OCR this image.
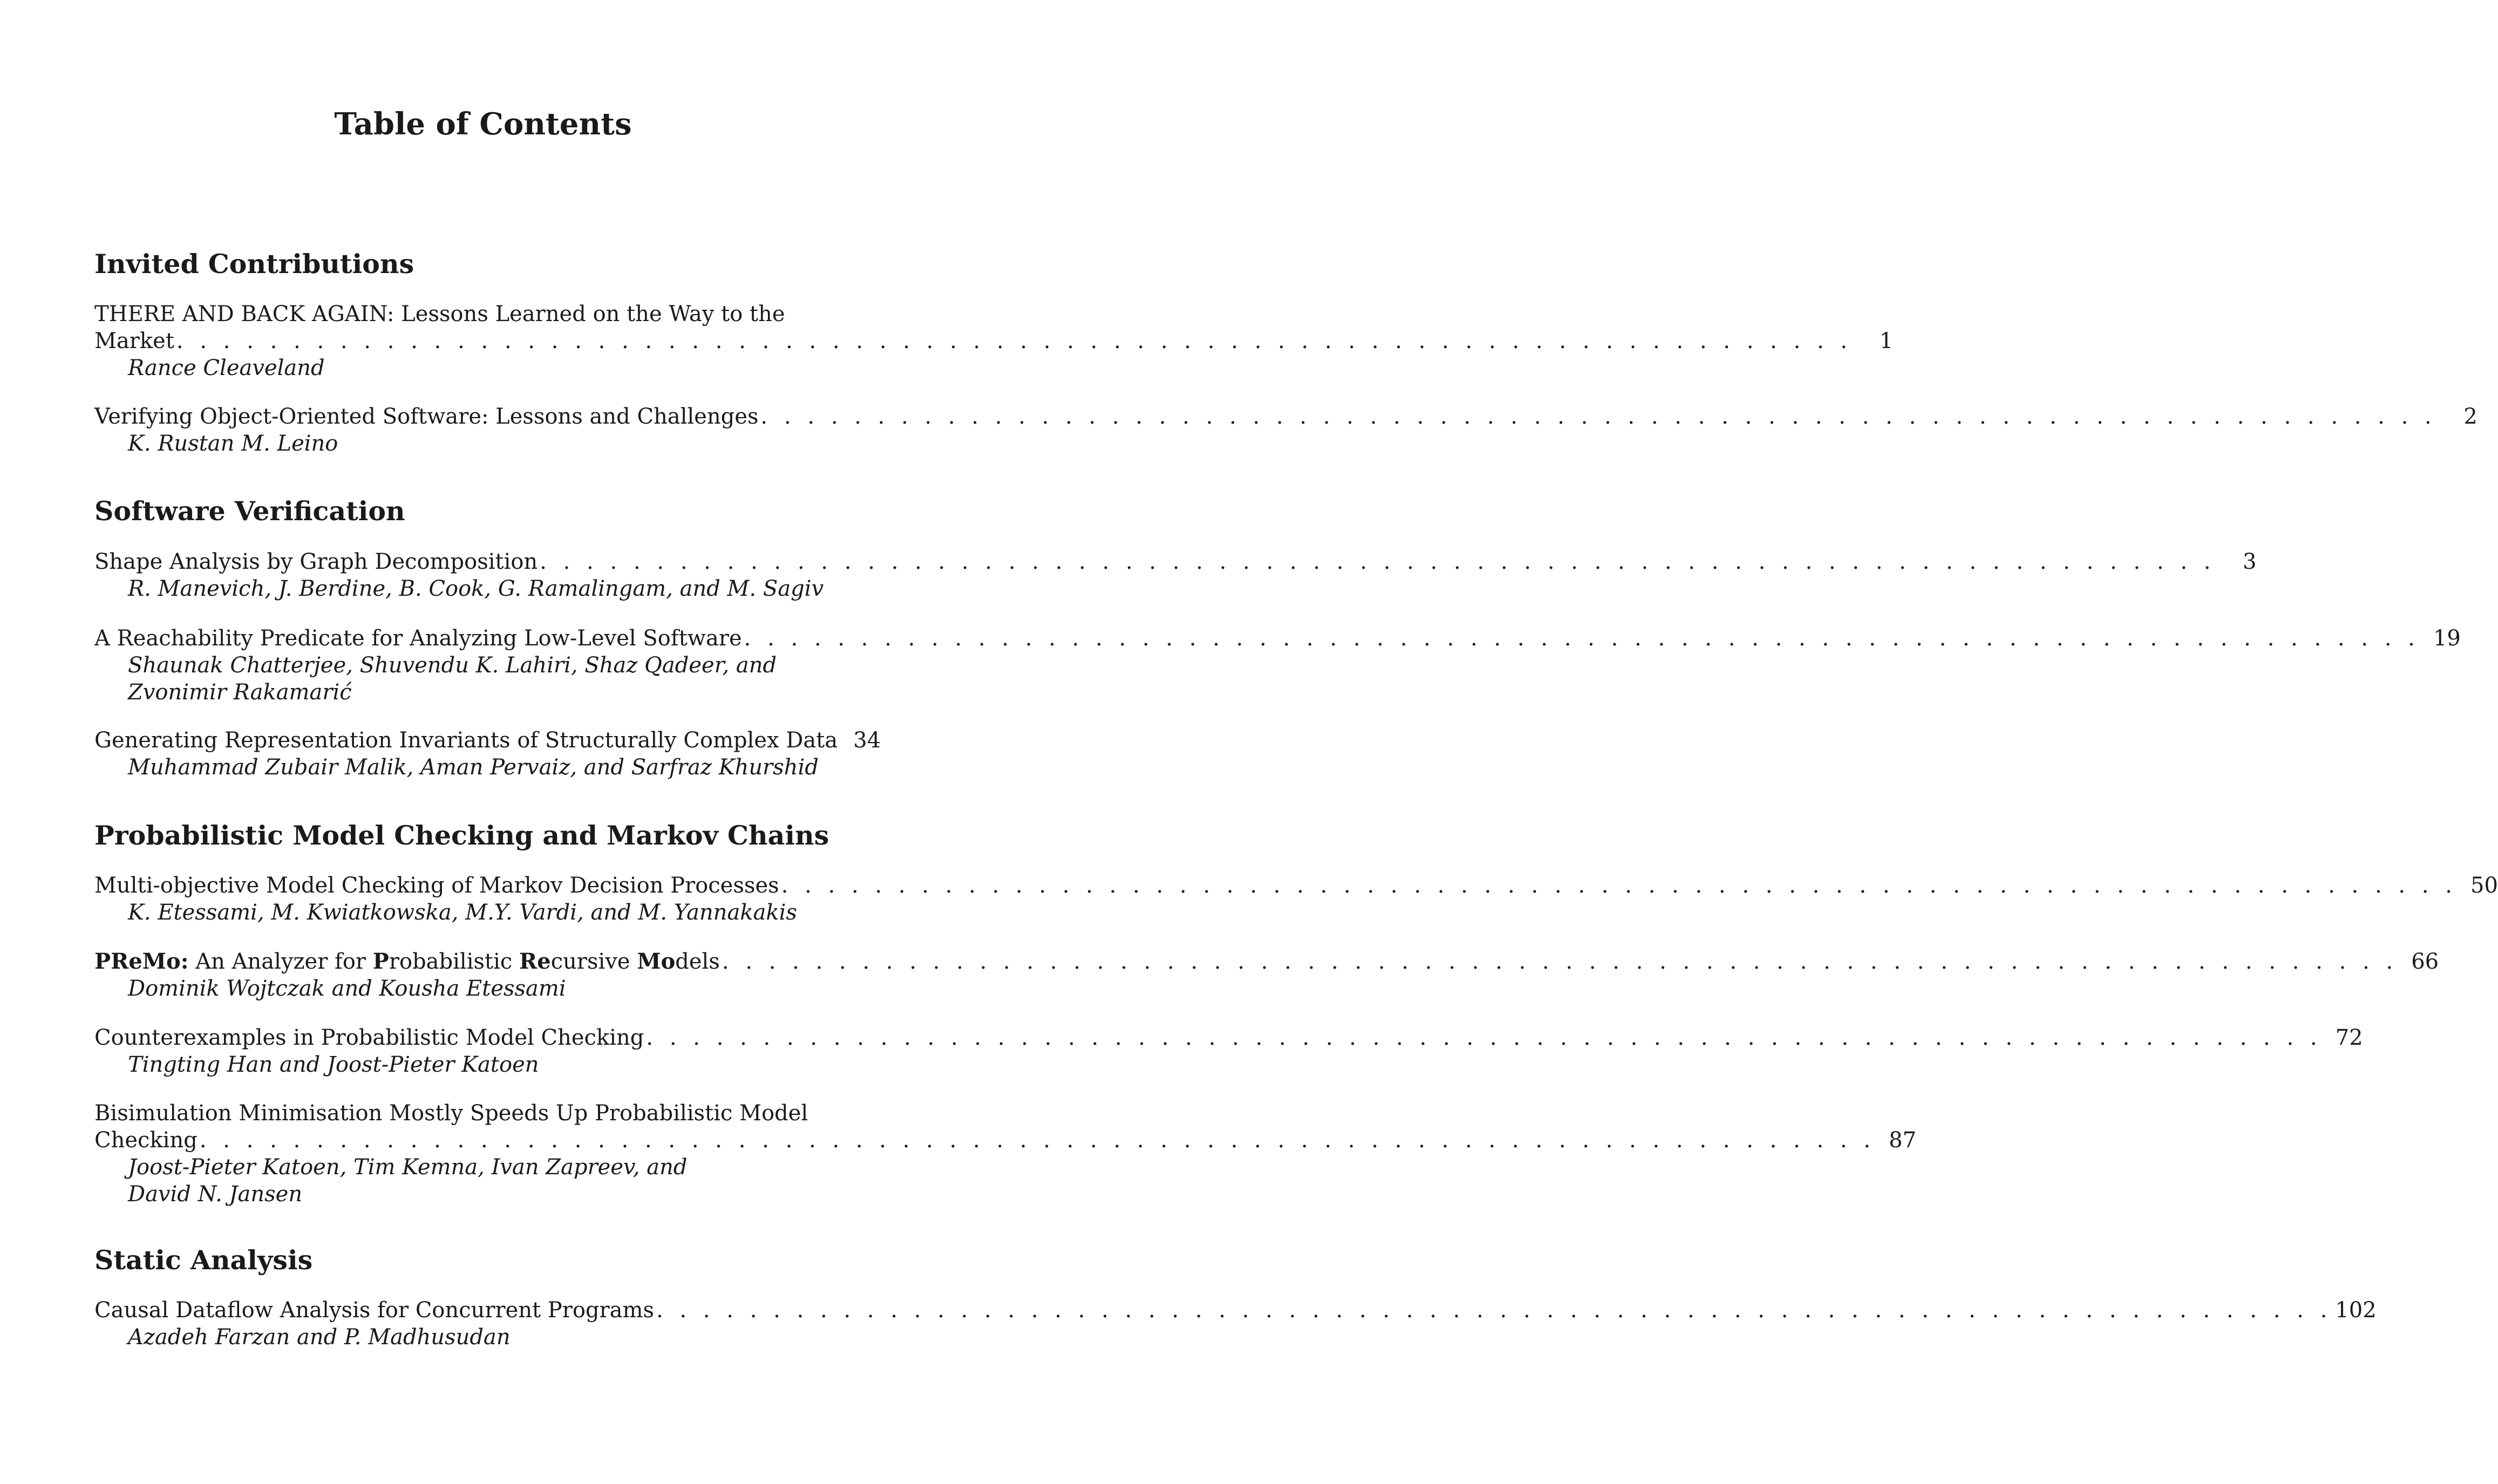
Table of Contents
Invited Contributions
THERE AND BACK AGAIN: Lessons Learned on the Way to the
Market . . . . . . . . . . . . . . . . . . . . . . . . . . . . . . . . . . . . . . . . . . . . . . . . . . . . . . . . . . . . . . . . . . . . . . . .	1
Rance Cleaveland
Verifying Object-Oriented Software: Lessons and Challenges . . . . . . . . . . . . . . . . . . . . . . . . . . . . . . . . . . . . . . . . . . . . . . . . . . . . . . . . . . . . . . . . . . . . . . . .	2
K. Rustan M. Leino
Software Verification
Shape Analysis by Graph Decomposition . . . . . . . . . . . . . . . . . . . . . . . . . . . . . . . . . . . . . . . . . . . . . . . . . . . . . . . . . . . . . . . . . . . . . . . .	3
R. Manevich, J. Berdine, B. Cook, G. Ramalingam, and M. Sagiv
A Reachability Predicate for Analyzing Low-Level Software . . . . . . . . . . . . . . . . . . . . . . . . . . . . . . . . . . . . . . . . . . . . . . . . . . . . . . . . . . . . . . . . . . . . . . . . 19
Shaunak Chatterjee, Shuvendu K. Lahiri, Shaz Qadeer, and
Zvonimir Rakamarić
Generating Representation Invariants of Structurally Complex Data 34
Muhammad Zubair Malik, Aman Pervaiz, and Sarfraz Khurshid
Probabilistic Model Checking and Markov Chains
Multi-objective Model Checking of Markov Decision Processes . . . . . . . . . . . . . . . . . . . . . . . . . . . . . . . . . . . . . . . . . . . . . . . . . . . . . . . . . . . . . . . . . . . . . . . . 50
K. Etessami, M. Kwiatkowska, M.Y. Vardi, and M. Yannakakis
PReMo: An Analyzer for Probabilistic Recursive Models . . . . . . . . . . . . . . . . . . . . . . . . . . . . . . . . . . . . . . . . . . . . . . . . . . . . . . . . . . . . . . . . . . . . . . . . 66
Dominik Wojtczak and Kousha Etessami
Counterexamples in Probabilistic Model Checking . . . . . . . . . . . . . . . . . . . . . . . . . . . . . . . . . . . . . . . . . . . . . . . . . . . . . . . . . . . . . . . . . . . . . . . . 72
Tingting Han and Joost-Pieter Katoen
Bisimulation Minimisation Mostly Speeds Up Probabilistic Model
Checking . . . . . . . . . . . . . . . . . . . . . . . . . . . . . . . . . . . . . . . . . . . . . . . . . . . . . . . . . . . . . . . . . . . . . . . . 87
Joost-Pieter Katoen, Tim Kemna, Ivan Zapreev, and
David N. Jansen
Static Analysis
Causal Dataflow Analysis for Concurrent Programs . . . . . . . . . . . . . . . . . . . . . . . . . . . . . . . . . . . . . . . . . . . . . . . . . . . . . . . . . . . . . . . . . . . . . . . . 102
Azadeh Farzan and P. Madhusudan
